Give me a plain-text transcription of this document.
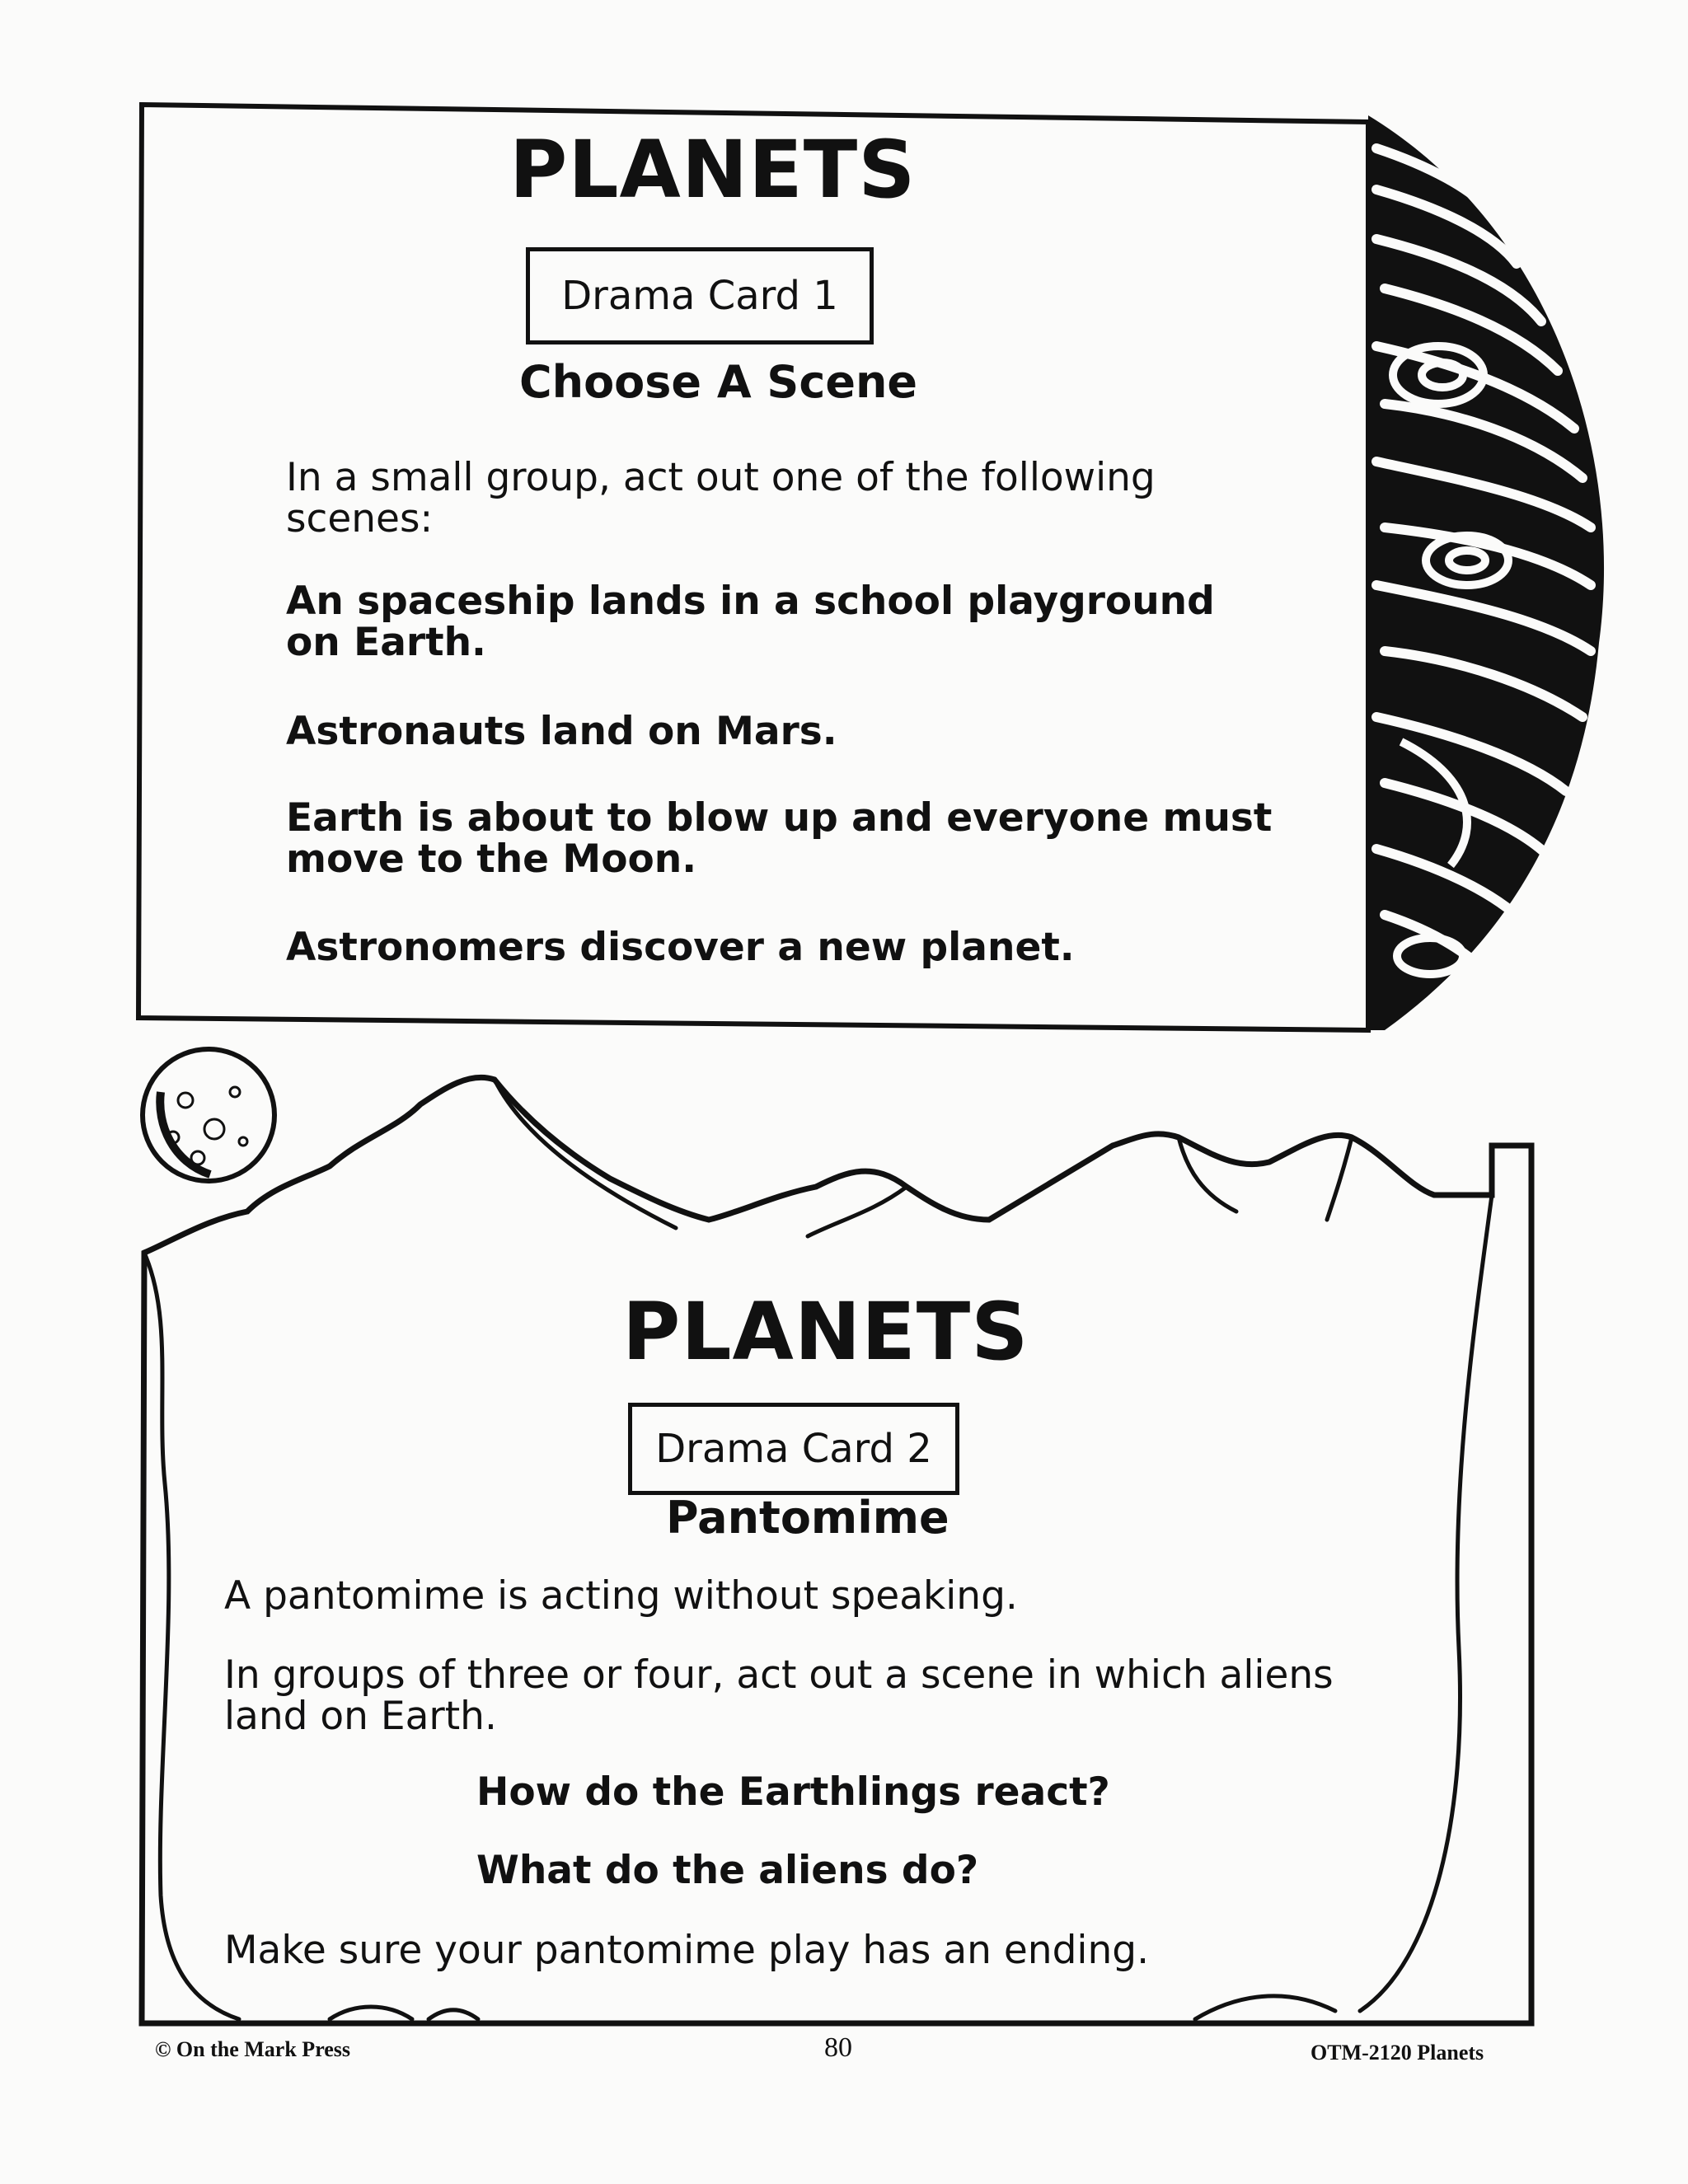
PLANETS
Drama Card 1
Choose A Scene
In a small group, act out one of the following scenes:
An spaceship lands in a school playground on Earth.
Astronauts land on Mars.
Earth is about to blow up and everyone must move to the Moon.
Astronomers discover a new planet.
PLANETS
Drama Card 2
Pantomime
A pantomime is acting without speaking.
In groups of three or four, act out a scene in which aliens land on Earth.
How do the Earthlings react?
What do the aliens do?
Make sure your pantomime play has an ending.
© On the Mark Press	80	OTM-2120 Planets
